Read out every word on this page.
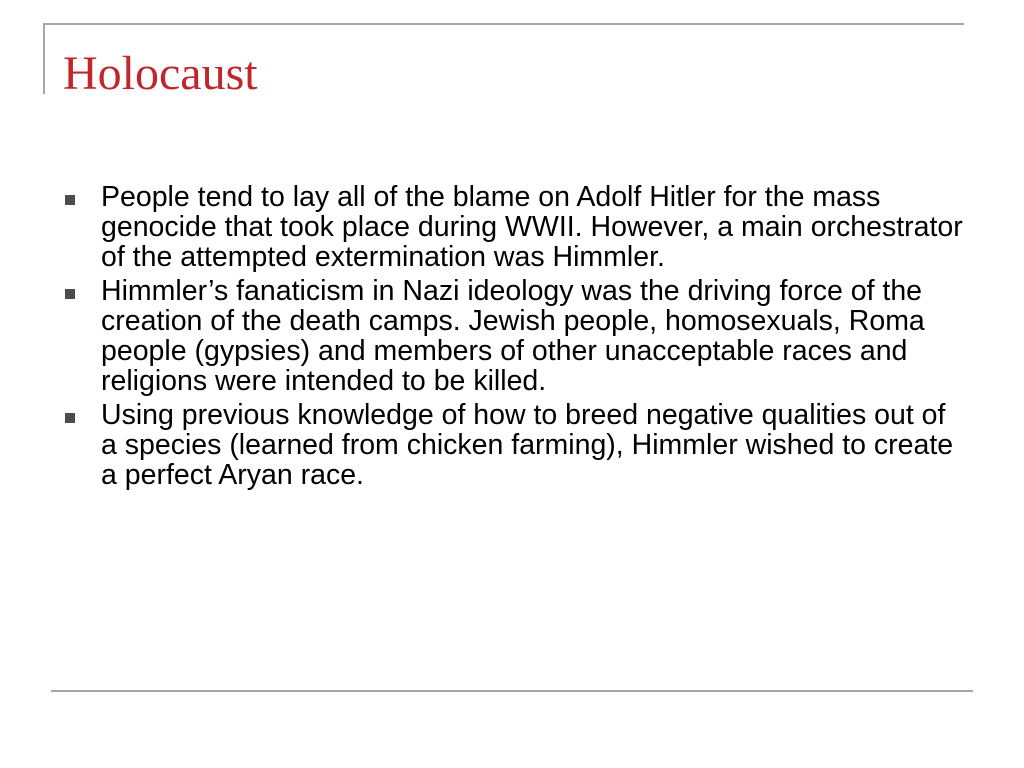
Holocaust
People tend to lay all of the blame on Adolf Hitler for the mass genocide that took place during WWII. However, a main orchestrator of the attempted extermination was Himmler.
Himmler’s fanaticism in Nazi ideology was the driving force of the creation of the death camps. Jewish people, homosexuals, Roma people (gypsies) and members of other unacceptable races and religions were intended to be killed.
Using previous knowledge of how to breed negative qualities out of a species (learned from chicken farming), Himmler wished to create a perfect Aryan race.
